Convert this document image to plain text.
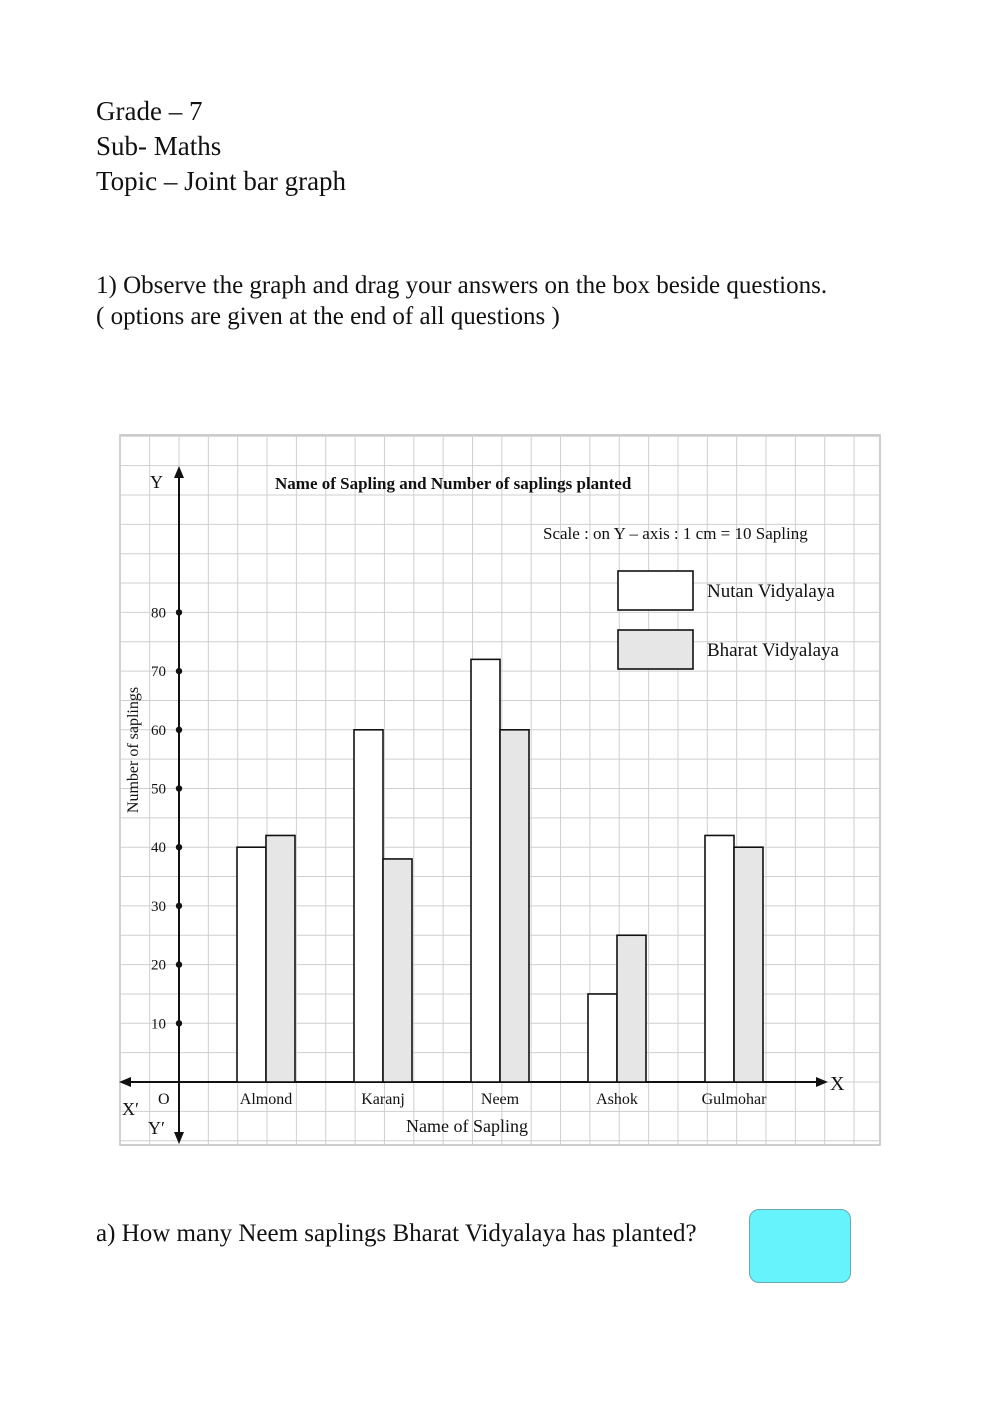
Grade – 7
Sub- Maths
Topic – Joint bar graph
1) Observe the graph and drag your answers on the box beside questions.
( options are given at the end of all questions )
Y
X
X′
Y′
O
10
20
30
40
50
60
70
80
Name of Sapling and Number of saplings planted
Scale : on Y – axis : 1 cm = 10 Sapling
Name of Sapling
Number of saplings
Almond	Karanj	Neem	Ashok	Gulmohar
Nutan Vidyalaya
Bharat Vidyalaya
a) How many Neem saplings Bharat Vidyalaya has planted?
